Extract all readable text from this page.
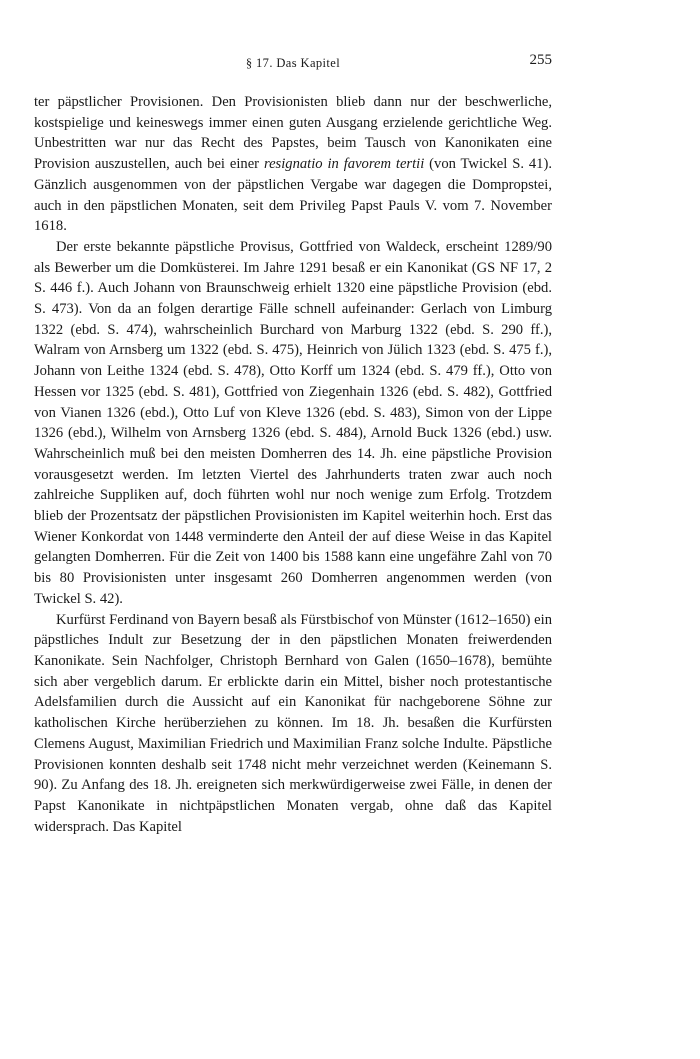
§ 17. Das Kapitel	255

ter päpstlicher Provisionen. Den Provisionisten blieb dann nur der beschwerliche, kostspielige und keineswegs immer einen guten Ausgang erzielende gerichtliche Weg. Unbestritten war nur das Recht des Papstes, beim Tausch von Kanonikaten eine Provision auszustellen, auch bei einer resignatio in favorem tertii (von Twickel S. 41). Gänzlich ausgenommen von der päpstlichen Vergabe war dagegen die Dompropstei, auch in den päpstlichen Monaten, seit dem Privileg Papst Pauls V. vom 7. November 1618.

Der erste bekannte päpstliche Provisus, Gottfried von Waldeck, erscheint 1289/90 als Bewerber um die Domküsterei. Im Jahre 1291 besaß er ein Kanonikat (GS NF 17, 2 S. 446 f.). Auch Johann von Braunschweig erhielt 1320 eine päpstliche Provision (ebd. S. 473). Von da an folgen derartige Fälle schnell aufeinander: Gerlach von Limburg 1322 (ebd. S. 474), wahrscheinlich Burchard von Marburg 1322 (ebd. S. 290 ff.), Walram von Arnsberg um 1322 (ebd. S. 475), Heinrich von Jülich 1323 (ebd. S. 475 f.), Johann von Leithe 1324 (ebd. S. 478), Otto Korff um 1324 (ebd. S. 479 ff.), Otto von Hessen vor 1325 (ebd. S. 481), Gottfried von Ziegenhain 1326 (ebd. S. 482), Gottfried von Vianen 1326 (ebd.), Otto Luf von Kleve 1326 (ebd. S. 483), Simon von der Lippe 1326 (ebd.), Wilhelm von Arnsberg 1326 (ebd. S. 484), Arnold Buck 1326 (ebd.) usw. Wahrscheinlich muß bei den meisten Domherren des 14. Jh. eine päpstliche Provision vorausgesetzt werden. Im letzten Viertel des Jahrhunderts traten zwar auch noch zahlreiche Suppliken auf, doch führten wohl nur noch wenige zum Erfolg. Trotzdem blieb der Prozentsatz der päpstlichen Provisionisten im Kapitel weiterhin hoch. Erst das Wiener Konkordat von 1448 verminderte den Anteil der auf diese Weise in das Kapitel gelangten Domherren. Für die Zeit von 1400 bis 1588 kann eine ungefähre Zahl von 70 bis 80 Provisionisten unter insgesamt 260 Domherren angenommen werden (von Twickel S. 42).

Kurfürst Ferdinand von Bayern besaß als Fürstbischof von Münster (1612–1650) ein päpstliches Indult zur Besetzung der in den päpstlichen Monaten freiwerdenden Kanonikate. Sein Nachfolger, Christoph Bernhard von Galen (1650–1678), bemühte sich aber vergeblich darum. Er erblickte darin ein Mittel, bisher noch protestantische Adelsfamilien durch die Aussicht auf ein Kanonikat für nachgeborene Söhne zur katholischen Kirche herüberziehen zu können. Im 18. Jh. besaßen die Kurfürsten Clemens August, Maximilian Friedrich und Maximilian Franz solche Indulte. Päpstliche Provisionen konnten deshalb seit 1748 nicht mehr verzeichnet werden (Keinemann S. 90). Zu Anfang des 18. Jh. ereigneten sich merkwürdigerweise zwei Fälle, in denen der Papst Kanonikate in nichtpäpstlichen Monaten vergab, ohne daß das Kapitel widersprach. Das Kapitel
